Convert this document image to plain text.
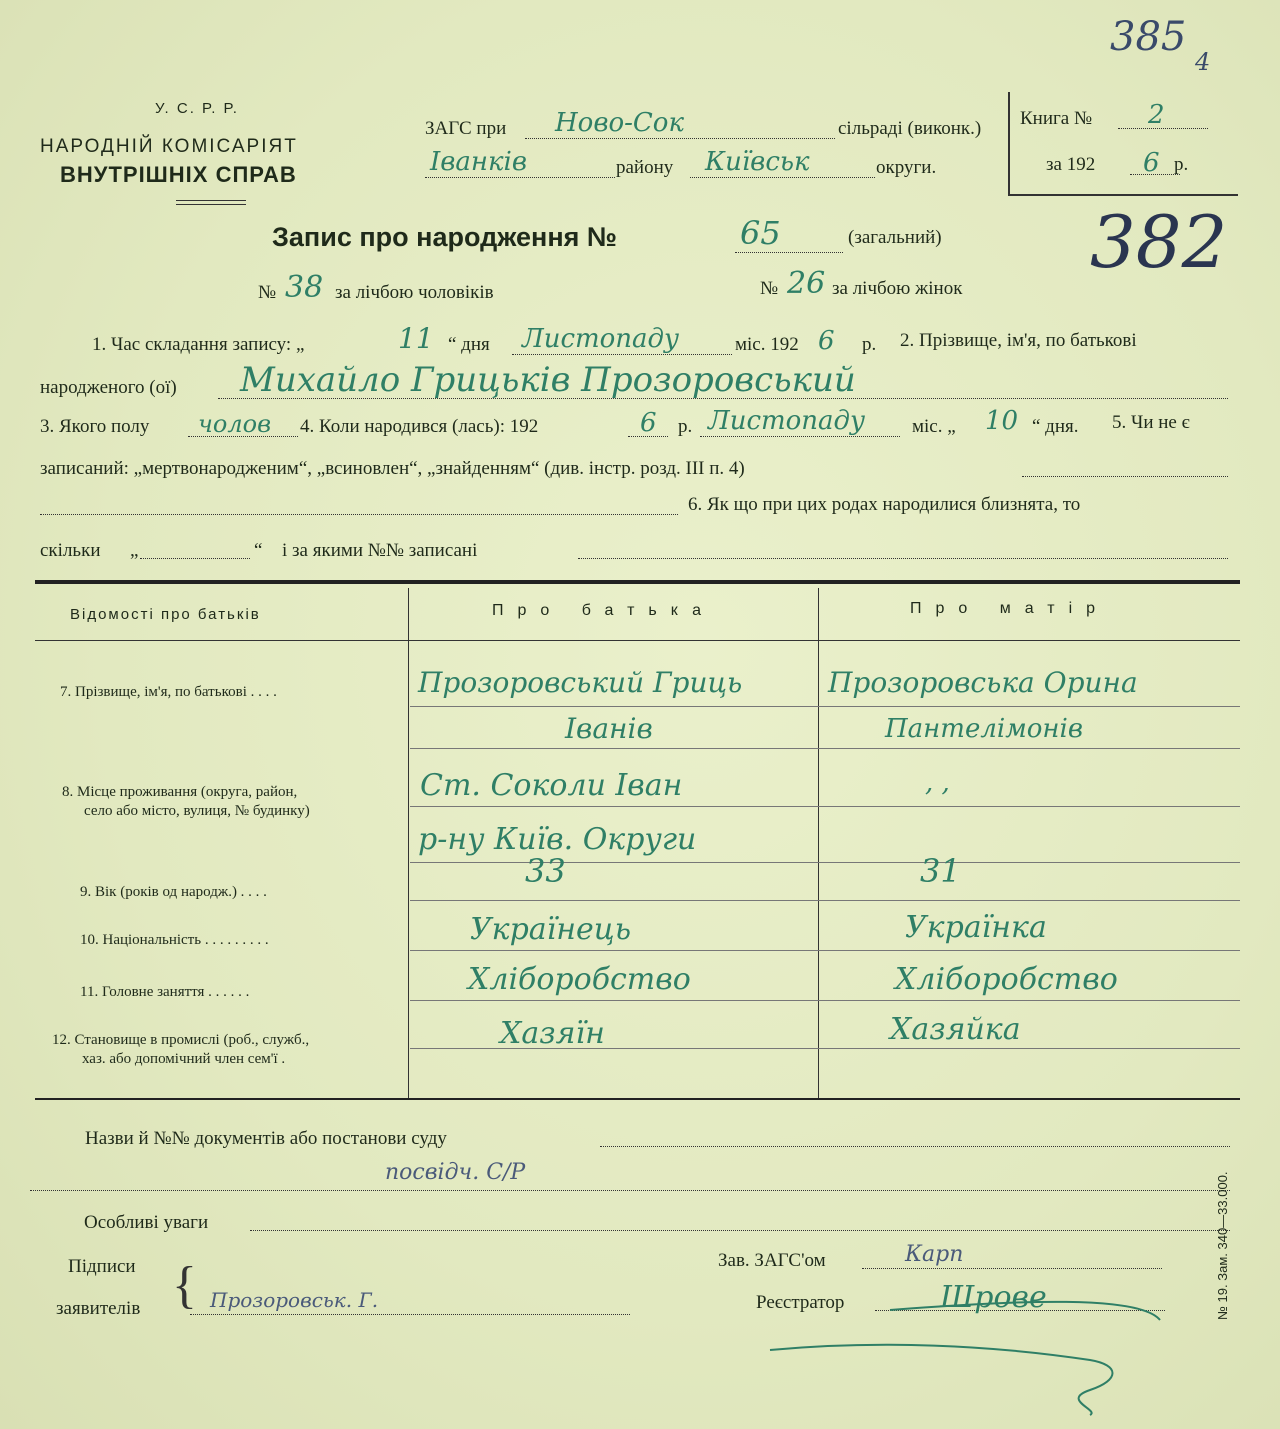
385
4
У. С. Р. Р.
НАРОДНІЙ КОМІСАРІЯТ
ВНУТРІШНІХ СПРАВ
ЗАГС при Ново-Сок	сільраді (виконк.)
Іванків	району Київськ	округи.
Книга № 2
за 192 6 р.
Запис про народження №	65	(загальний) 382
№ 38 за лічбою чоловіків	№ 26 за лічбою жінок
1. Час складання запису: „	11 “ дня Листопаду	міс. 192 6 р. 2. Прізвище, ім'я, по батькові
народженого (ої) Михайло Грицьків Прозоровський
3. Якого полу чолов 4. Коли народився (лась): 192	6 р. Листопаду міс. „ 10 “ дня. 5. Чи не є
записаний: „мертвонародженим“, „всиновлен“, „знайденням“ (див. інстр. розд. III п. 4)
6. Як що при цих родах народилися близнята, то
скільки „	“ і за якими №№ записані
Відомості про батьків	Про батька	Про матір
7. Прізвище, ім'я, по батькові . . . .	Прозоровський Гриць	Прозоровська Орина
Іванів	Пантелімонів
8. Місце проживання (округа, район,
село або місто, вулиця, № будинку)
Ст. Соколи Іван	, ,
р-ну Київ. Округи
9. Вік (років од народж.) . . . .
33	31
10. Національність . . . . . . . . .	Українець	Українка
11. Головне заняття . . . . . .	Хліборобство	Хліборобство
12. Становище в промислі (роб., служб.,
хаз. або допомічний член сем'ї .
Хазяїн	Хазяйка
Назви й №№ документів або постанови суду
посвідч. С/Р
Особливі уваги
Підписи
заявителів { Прозоровськ. Г.
Зав. ЗАГС'ом	Карп
Реєстратор	Шрове	№ 19. Зам. 340—33.000.
